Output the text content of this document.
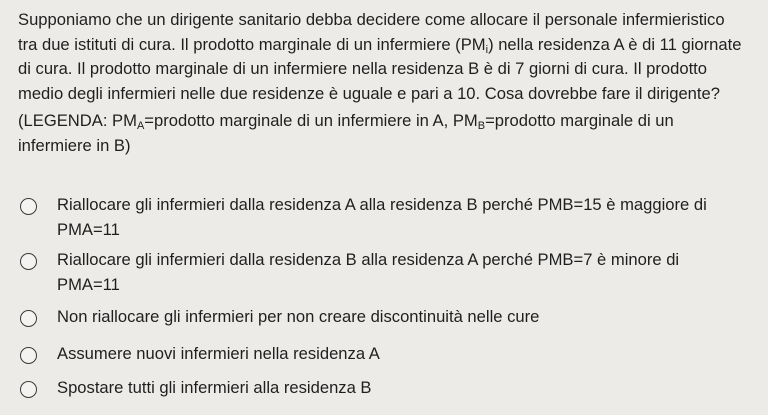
Supponiamo che un dirigente sanitario debba decidere come allocare il personale infermieristico
tra due istituti di cura. Il prodotto marginale di un infermiere $(PM_i)$ nella residenza A è di 11 giornate
di cura. Il prodotto marginale di un infermiere nella residenza B è di 7 giorni di cura. Il prodotto
medio degli infermieri nelle due residenze è uguale e pari a 10. Cosa dovrebbe fare il dirigente?
(LEGENDA: $PM_A=prodotto$ marginale di un infermiere in A, $PM_B=prodotto$ marginale di un
infermiere in B)
Riallocare gli infermieri dalla residenza A alla residenza B perché PMB=15 è maggiore di
PMA=11
Riallocare gli infermieri dalla residenza B alla residenza A perché PMB=7 è minore di
PMA=11
Non riallocare gli infermieri per non creare discontinuità nelle cure
Assumere nuovi infermieri nella residenza A
Spostare tutti gli infermieri alla residenza B
